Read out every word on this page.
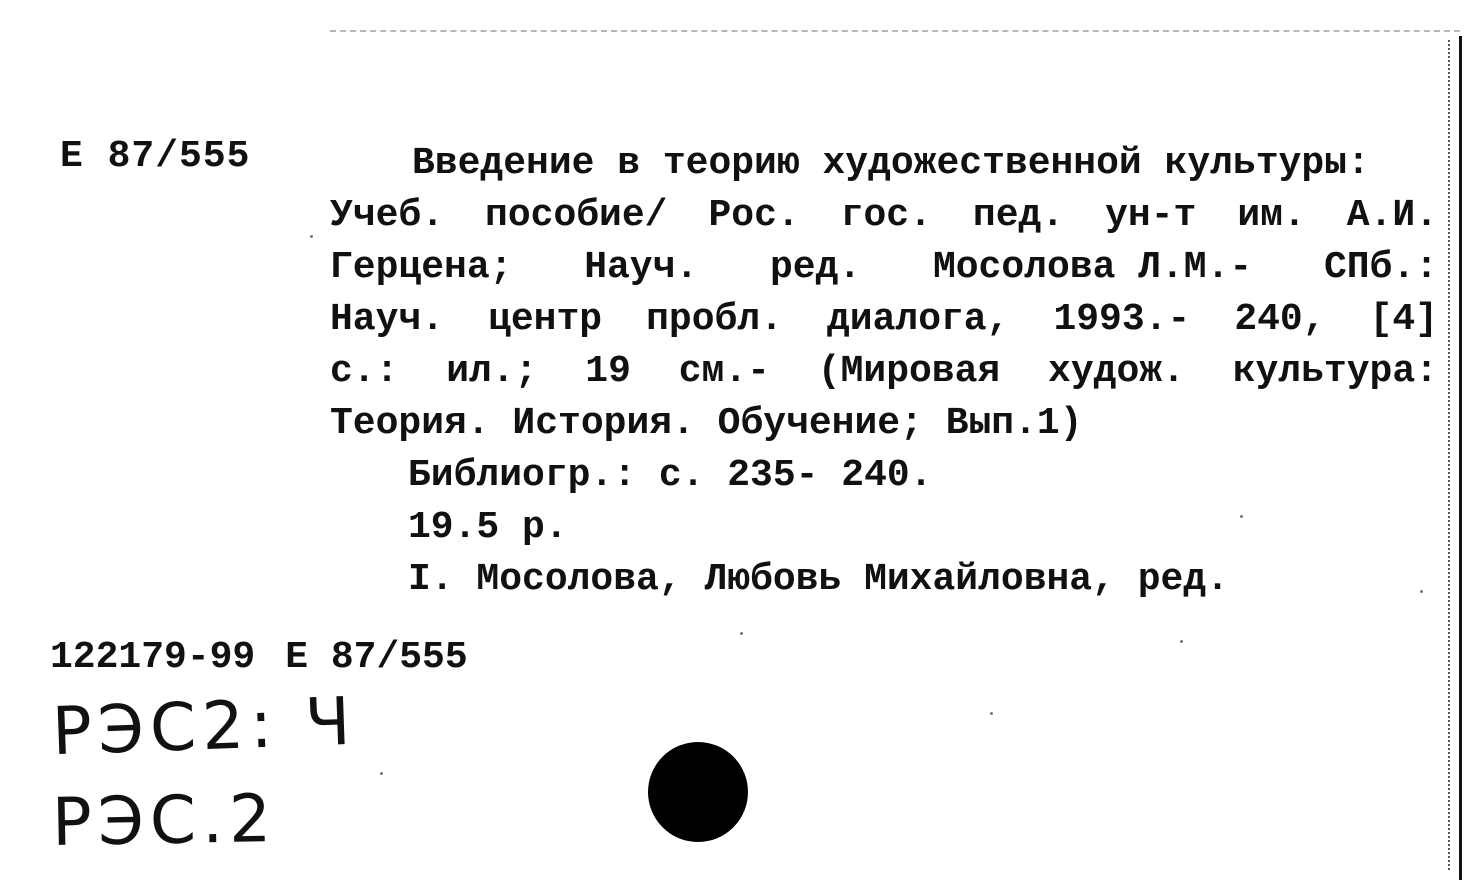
Е 87/555	Введение в теорию художественной культуры:
Учеб. пособие/ Рос. гос. пед. ун-т им. А.И.
Герцена; Науч. ред. Мосолова Л.М.- СПб.:
Науч. центр пробл. диалога, 1993.- 240, [4]
с.: ил.; 19 см.- (Мировая худож. культура:
Теория. История. Обучение; Вып.1)
Библиогр.: с. 235- 240.
19.5 р.
I. Мосолова, Любовь Михайловна, ред.
122179-99 Е 87/555
РЭС2: Ч
РЭС.2
